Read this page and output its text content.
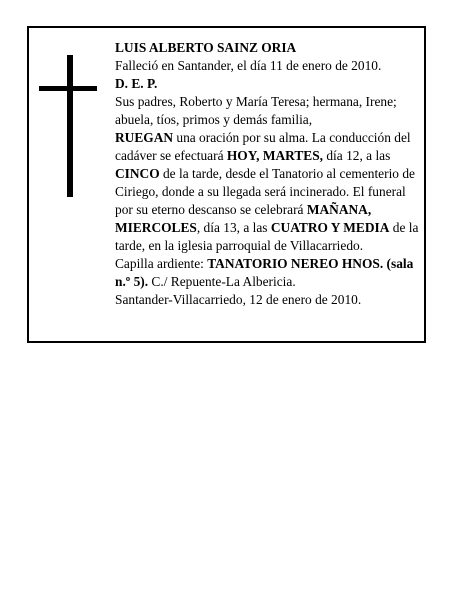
LUIS ALBERTO SAINZ ORIA

Falleció en Santander, el día 11 de enero de 2010.

D. E. P.

Sus padres, Roberto y María Teresa; hermana, Irene; abuela, tíos, primos y demás familia,

RUEGAN una oración por su alma. La conducción del cadáver se efectuará HOY, MARTES, día 12, a las CINCO de la tarde, desde el Tanatorio al cementerio de Ciriego, donde a su llegada será incinerado. El funeral por su eterno descanso se celebrará MAÑANA, MIERCOLES, día 13, a las CUATRO Y MEDIA de la tarde, en la iglesia parroquial de Villacarriedo.

Capilla ardiente: TANATORIO NEREO HNOS. (sala n.º 5). C./ Repuente-La Albericia.

Santander-Villacarriedo, 12 de enero de 2010.
